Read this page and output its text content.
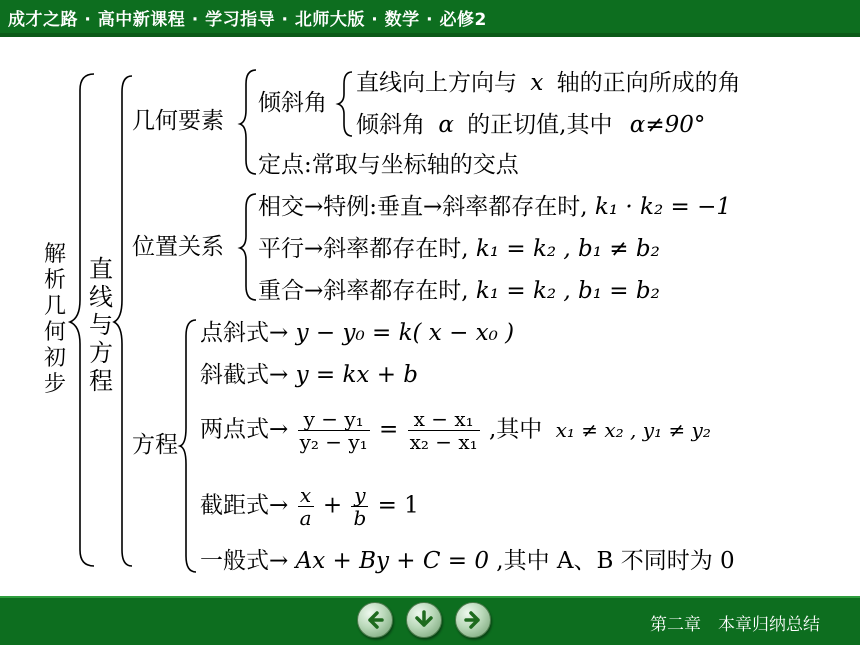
成才之路 · 高中新课程 · 学习指导 · 北师大版 · 数学 · 必修2
解析几何初步
直线与方程
几何要素
位置关系
方程
倾斜角
直线向上方向与 x 轴的正向所成的角
倾斜角 α 的正切值,其中 α≠90°
定点:常取与坐标轴的交点
相交→特例:垂直→斜率都存在时, k₁ · k₂ = −1
平行→斜率都存在时, k₁ = k₂ , b₁ ≠ b₂
重合→斜率都存在时, k₁ = k₂ , b₁ = b₂
点斜式→ y − y₀ = k( x − x₀ )
斜截式→ y = kx + b
两点式→ $\frac{\text{y − y₁}}{\text{y₂ − y₁}} = \frac{\text{x − x₁}}{\text{x₂ − x₁}}$ ,其中 x₁ ≠ x₂ , y₁ ≠ y₂
截距式→ $\frac{x}{a} + \frac{y}{b} = 1$
一般式→ Ax + By + C = 0 ,其中 A、B 不同时为 0
第二章　本章归纳总结
